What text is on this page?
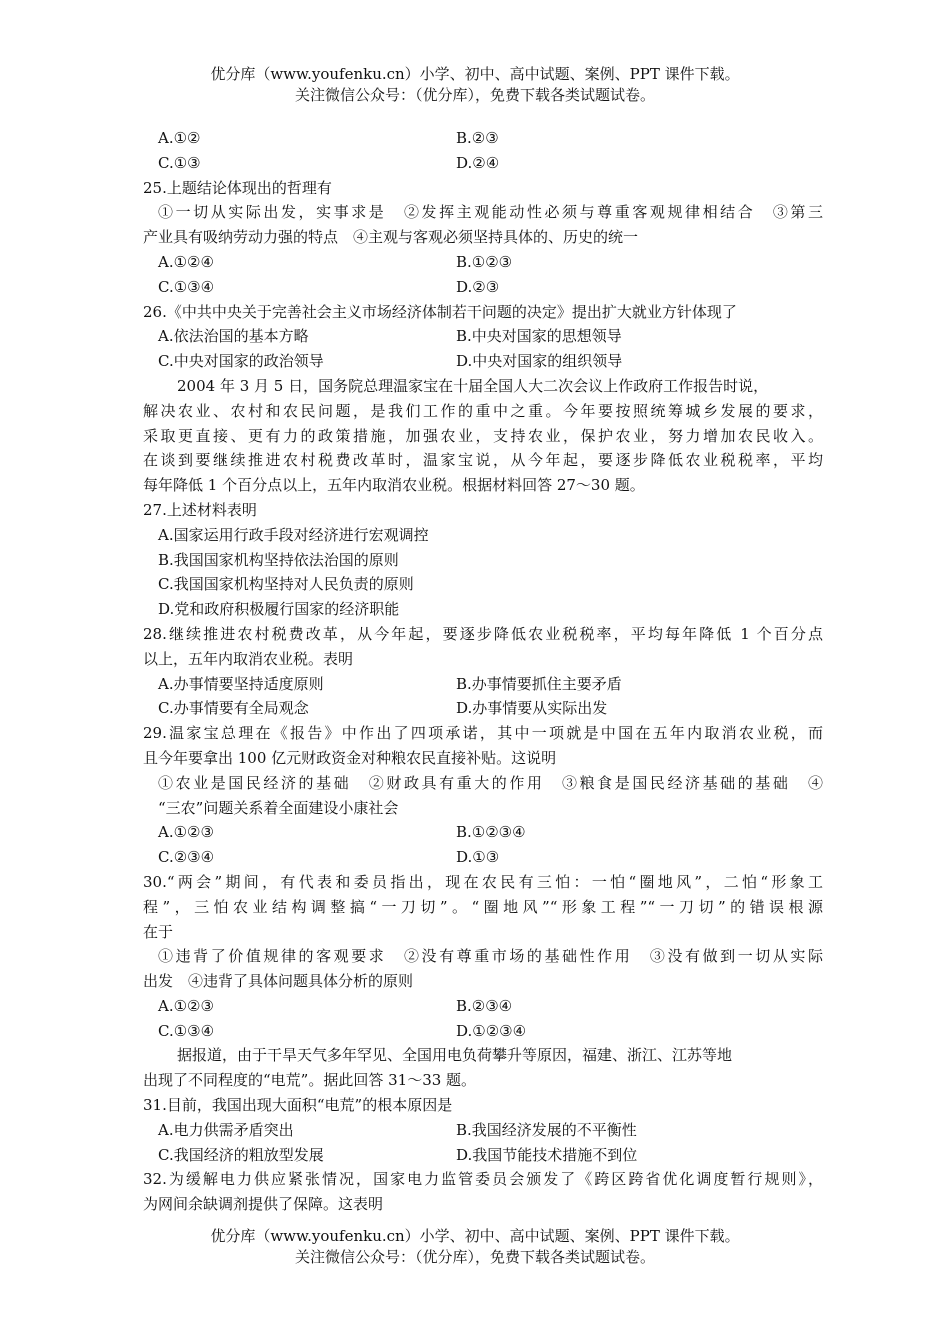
优分库（www.youfenku.cn）小学、初中、高中试题、案例、PPT 课件下载。
关注微信公众号：（优分库），免费下载各类试题试卷。
A.①②	B.②③
C.①③	D.②④
25.上题结论体现出的哲理有
①一切从实际出发，实事求是　②发挥主观能动性必须与尊重客观规律相结合　③第三
产业具有吸纳劳动力强的特点　④主观与客观必须坚持具体的、历史的统一
A.①②④	B.①②③
C.①③④	D.②③
26.《中共中央关于完善社会主义市场经济体制若干问题的决定》提出扩大就业方针体现了
A.依法治国的基本方略	B.中央对国家的思想领导
C.中央对国家的政治领导	D.中央对国家的组织领导
2004 年 3 月 5 日，国务院总理温家宝在十届全国人大二次会议上作政府工作报告时说，
解决农业、农村和农民问题，是我们工作的重中之重。今年要按照统筹城乡发展的要求，
采取更直接、更有力的政策措施，加强农业，支持农业，保护农业，努力增加农民收入。
在谈到要继续推进农村税费改革时，温家宝说，从今年起，要逐步降低农业税税率，平均
每年降低 1 个百分点以上，五年内取消农业税。根据材料回答 27～30 题。
27.上述材料表明
A.国家运用行政手段对经济进行宏观调控
B.我国国家机构坚持依法治国的原则
C.我国国家机构坚持对人民负责的原则
D.党和政府积极履行国家的经济职能
28.继续推进农村税费改革，从今年起，要逐步降低农业税税率，平均每年降低 1 个百分点
以上，五年内取消农业税。表明
A.办事情要坚持适度原则	B.办事情要抓住主要矛盾
C.办事情要有全局观念	D.办事情要从实际出发
29.温家宝总理在《报告》中作出了四项承诺，其中一项就是中国在五年内取消农业税，而
且今年要拿出 100 亿元财政资金对种粮农民直接补贴。这说明
①农业是国民经济的基础　②财政具有重大的作用　③粮食是国民经济基础的基础　④
“三农”问题关系着全面建设小康社会
A.①②③	B.①②③④
C.②③④	D.①③
30.“两会”期间，有代表和委员指出，现在农民有三怕：一怕“圈地风”，二怕“形象工
程”，三怕农业结构调整搞“一刀切”。“圈地风”“形象工程”“一刀切”的错误根源
在于
①违背了价值规律的客观要求　②没有尊重市场的基础性作用　③没有做到一切从实际
出发　④违背了具体问题具体分析的原则
A.①②③	B.②③④
C.①③④	D.①②③④
据报道，由于干旱天气多年罕见、全国用电负荷攀升等原因，福建、浙江、江苏等地
出现了不同程度的“电荒”。据此回答 31～33 题。
31.目前，我国出现大面积“电荒”的根本原因是
A.电力供需矛盾突出	B.我国经济发展的不平衡性
C.我国经济的粗放型发展	D.我国节能技术措施不到位
32.为缓解电力供应紧张情况，国家电力监管委员会颁发了《跨区跨省优化调度暂行规则》，
为网间余缺调剂提供了保障。这表明
优分库（www.youfenku.cn）小学、初中、高中试题、案例、PPT 课件下载。
关注微信公众号：（优分库），免费下载各类试题试卷。
